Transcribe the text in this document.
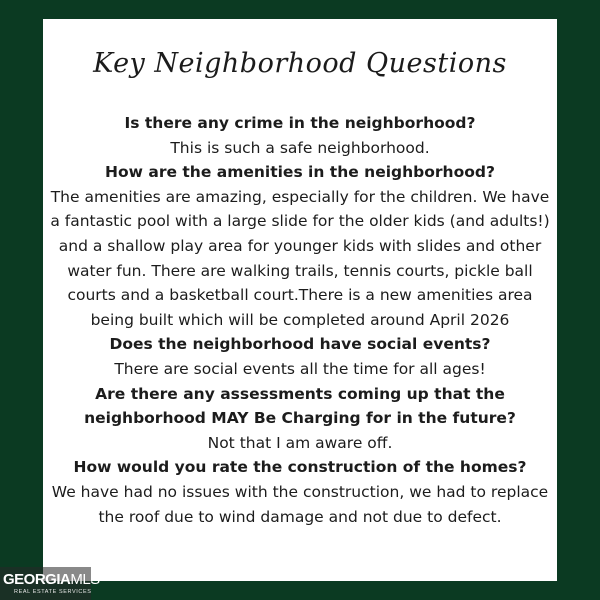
Key Neighborhood Questions
Is there any crime in the neighborhood?
This is such a safe neighborhood.
How are the amenities in the neighborhood?
The amenities are amazing, especially for the children. We have a fantastic pool with a large slide for the older kids (and adults!) and a shallow play area for younger kids with slides and other water fun. There are walking trails, tennis courts, pickle ball courts and a basketball court.There is a new amenities area being built which will be completed around April 2026
Does the neighborhood have social events?
There are social events all the time for all ages!
Are there any assessments coming up that the neighborhood MAY Be Charging for in the future?
Not that I am aware off.
How would you rate the construction of the homes?
We have had no issues with the construction, we had to replace the roof due to wind damage and not due to defect.
GEORGIAMLS
REAL ESTATE SERVICES
